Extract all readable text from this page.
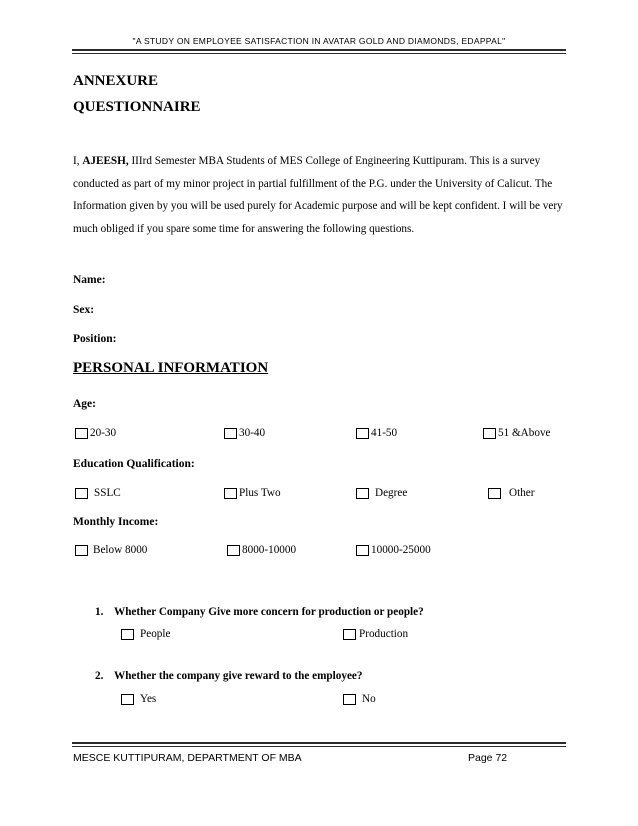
"A STUDY ON EMPLOYEE SATISFACTION IN AVATAR GOLD AND DIAMONDS, EDAPPAL"
ANNEXURE
QUESTIONNAIRE

I, AJEESH, IIIrd Semester MBA Students of MES College of Engineering Kuttipuram. This is a survey conducted as part of my minor project in partial fulfillment of the P.G. under the University of Calicut. The Information given by you will be used purely for Academic purpose and will be kept confident. I will be very much obliged if you spare some time for answering the following questions.

Name:
Sex:
Position:
PERSONAL INFORMATION
Age:
20-30	30-40	41-50	51 &Above
Education Qualification:
SSLC	Plus Two	Degree	Other
Monthly Income:
Below 8000	8000-10000	10000-25000
1. Whether Company Give more concern for production or people?
People	Production
2. Whether the company give reward to the employee?
Yes	No
MESCE KUTTIPURAM, DEPARTMENT OF MBA	Page 72
